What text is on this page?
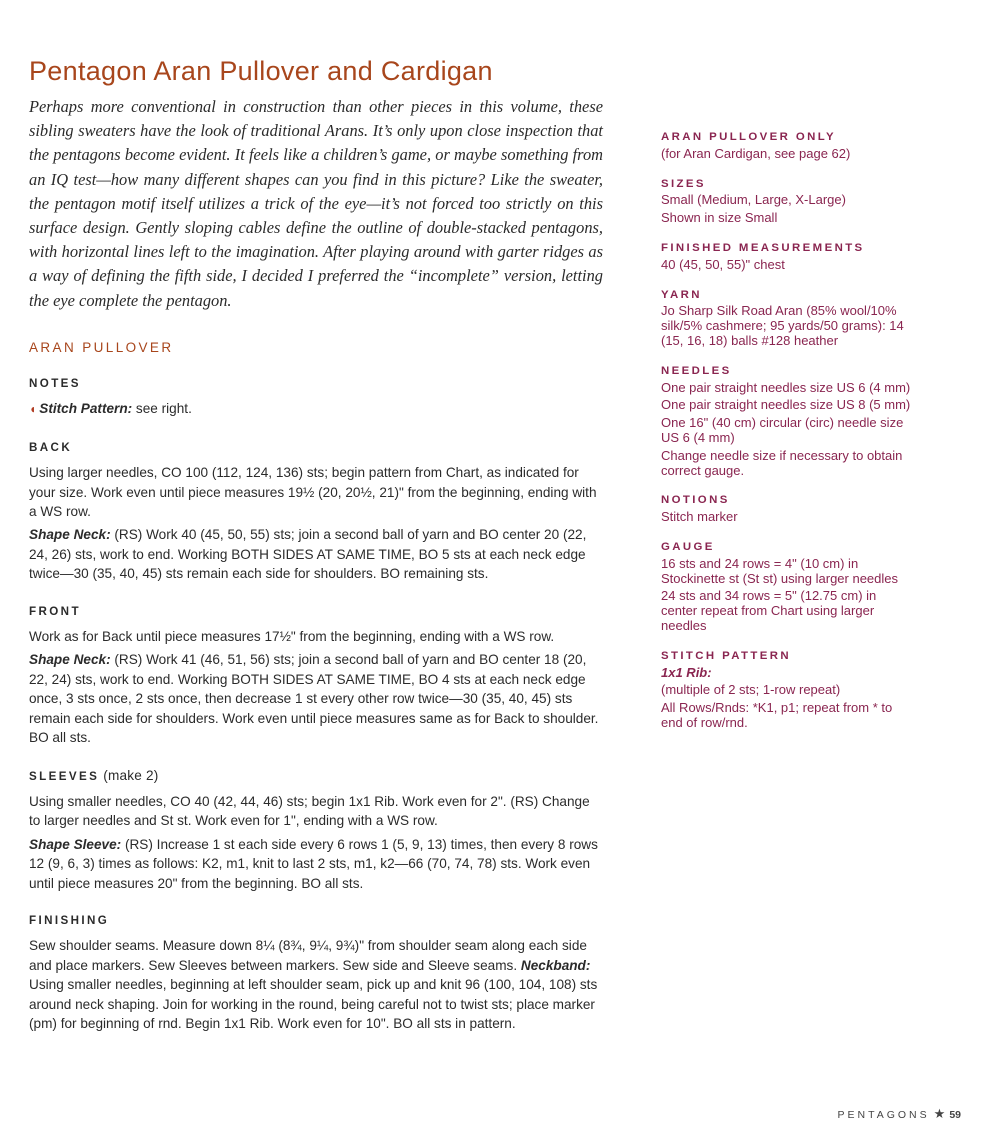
Pentagon Aran Pullover and Cardigan

Perhaps more conventional in construction than other pieces in this volume, these sibling sweaters have the look of traditional Arans. It’s only upon close inspection that the pentagons become evident. It feels like a children’s game, or maybe something from an IQ test—how many different shapes can you find in this picture? Like the sweater, the pentagon motif itself utilizes a trick of the eye—it’s not forced too strictly on this surface design. Gently sloping cables define the outline of double-stacked pentagons, with horizontal lines left to the imagination. After playing around with garter ridges as a way of defining the fifth side, I decided I preferred the “incomplete” version, letting the eye complete the pentagon.

ARAN PULLOVER
NOTES

◖ Stitch Pattern: see right.

BACK

Using larger needles, CO 100 (112, 124, 136) sts; begin pattern from Chart, as indicated for your size. Work even until piece measures 19½ (20, 20½, 21)" from the beginning, ending with a WS row.

Shape Neck: (RS) Work 40 (45, 50, 55) sts; join a second ball of yarn and BO center 20 (22, 24, 26) sts, work to end. Working BOTH SIDES AT SAME TIME, BO 5 sts at each neck edge twice—30 (35, 40, 45) sts remain each side for shoulders. BO remaining sts.

FRONT

Work as for Back until piece measures 17½" from the beginning, ending with a WS row.

Shape Neck: (RS) Work 41 (46, 51, 56) sts; join a second ball of yarn and BO center 18 (20, 22, 24) sts, work to end. Working BOTH SIDES AT SAME TIME, BO 4 sts at each neck edge once, 3 sts once, 2 sts once, then decrease 1 st every other row twice—30 (35, 40, 45) sts remain each side for shoulders. Work even until piece measures same as for Back to shoulder. BO all sts.

SLEEVES (make 2)

Using smaller needles, CO 40 (42, 44, 46) sts; begin 1x1 Rib. Work even for 2". (RS) Change to larger needles and St st. Work even for 1", ending with a WS row.

Shape Sleeve: (RS) Increase 1 st each side every 6 rows 1 (5, 9, 13) times, then every 8 rows 12 (9, 6, 3) times as follows: K2, m1, knit to last 2 sts, m1, k2—66 (70, 74, 78) sts. Work even until piece measures 20" from the beginning. BO all sts.

FINISHING

Sew shoulder seams. Measure down 8¼ (8¾, 9¼, 9¾)" from shoulder seam along each side and place markers. Sew Sleeves between markers. Sew side and Sleeve seams. Neckband: Using smaller needles, beginning at left shoulder seam, pick up and knit 96 (100, 104, 108) sts around neck shaping. Join for working in the round, being careful not to twist sts; place marker (pm) for beginning of rnd. Begin 1x1 Rib. Work even for 10". BO all sts in pattern.

ARAN PULLOVER ONLY
(for Aran Cardigan, see page 62)
SIZES
Small (Medium, Large, X-Large)
Shown in size Small
FINISHED MEASUREMENTS
40 (45, 50, 55)" chest
YARN
Jo Sharp Silk Road Aran (85% wool/10% silk/5% cashmere; 95 yards/50 grams): 14 (15, 16, 18) balls #128 heather
NEEDLES
One pair straight needles size US 6 (4 mm)
One pair straight needles size US 8 (5 mm)
One 16" (40 cm) circular (circ) needle size US 6 (4 mm)
Change needle size if necessary to obtain correct gauge.
NOTIONS
Stitch marker
GAUGE
16 sts and 24 rows = 4" (10 cm) in Stockinette st (St st) using larger needles
24 sts and 34 rows = 5" (12.75 cm) in center repeat from Chart using larger needles
STITCH PATTERN
1x1 Rib:
(multiple of 2 sts; 1-row repeat)
All Rows/Rnds: *K1, p1; repeat from * to end of row/rnd.
PENTAGONS ★ 59
